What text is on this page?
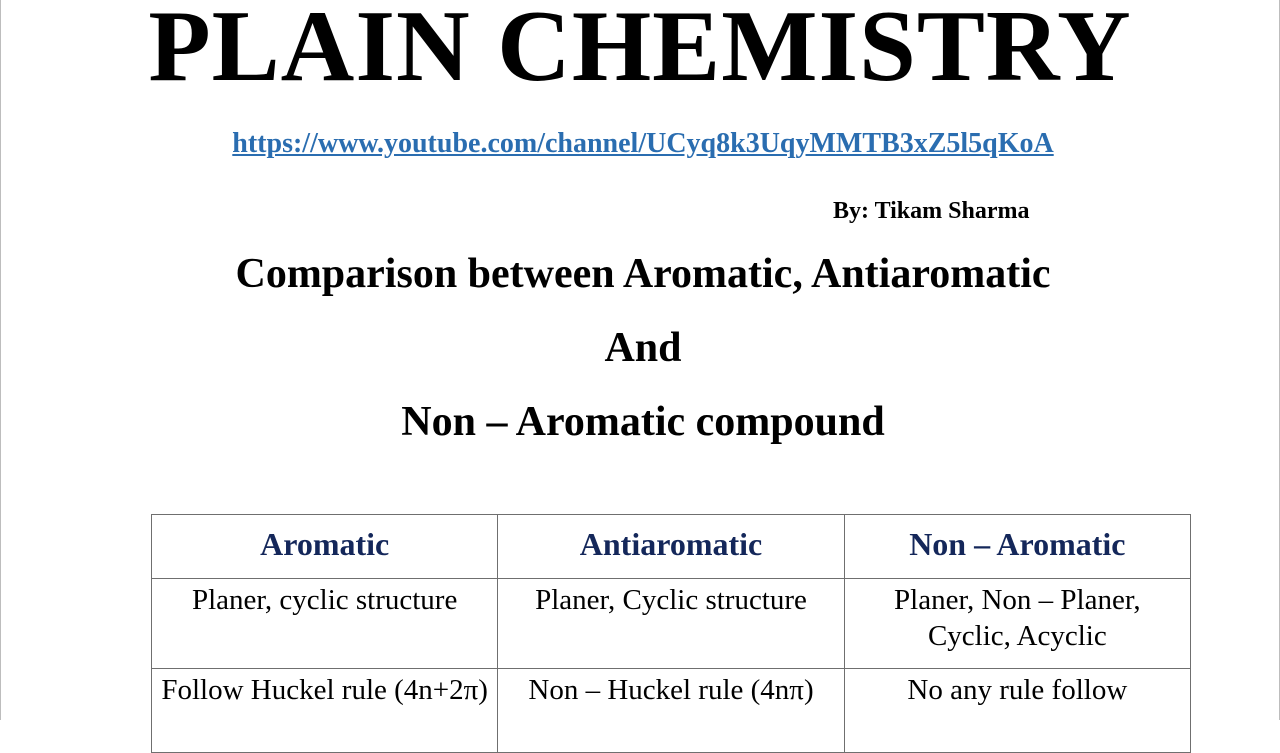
PLAIN CHEMISTRY
https://www.youtube.com/channel/UCyq8k3UqyMMTB3xZ5l5qKoA
By: Tikam Sharma
Comparison between Aromatic, Antiaromatic
And
Non – Aromatic compound
Aromatic	Antiaromatic	Non – Aromatic
Planer, cyclic structure	Planer, Cyclic structure	Planer, Non – Planer, Cyclic, Acyclic
Follow Huckel rule (4n+2π)	Non – Huckel rule (4nπ)	No any rule follow
